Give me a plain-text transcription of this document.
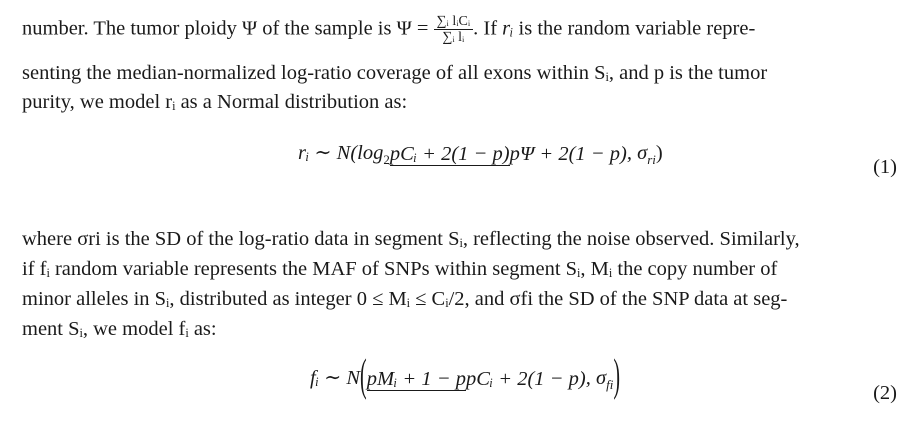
number. The tumor ploidy Ψ of the sample is $\Psi = \frac{\text{∑ᵢ lᵢCᵢ}}{\text{∑ᵢ lᵢ}}$ . If rᵢ is the random variable repre-
senting the median-normalized log-ratio coverage of all exons within Sᵢ, and p is the tumor
purity, we model rᵢ as a Normal distribution as:
rᵢ ∼ $N(\log_2pCᵢ + 2(1 - p)p\Psi + 2(1 - p)$, $\sigma_{ri}$)
(1)
where σri is the SD of the log-ratio data in segment Sᵢ, reflecting the noise observed. Similarly,
if fᵢ random variable represents the MAF of SNPs within segment Sᵢ, Mᵢ the copy number of
minor alleles in Sᵢ, distributed as integer 0 ≤ Mᵢ ≤ Cᵢ/2, and σfi the SD of the SNP data at seg-
ment Sᵢ, we model fᵢ as:
fᵢ ∼ N(pMᵢ + 1 − ppCᵢ + 2(1 − p), $\sigma_{fi}$)	(2)
